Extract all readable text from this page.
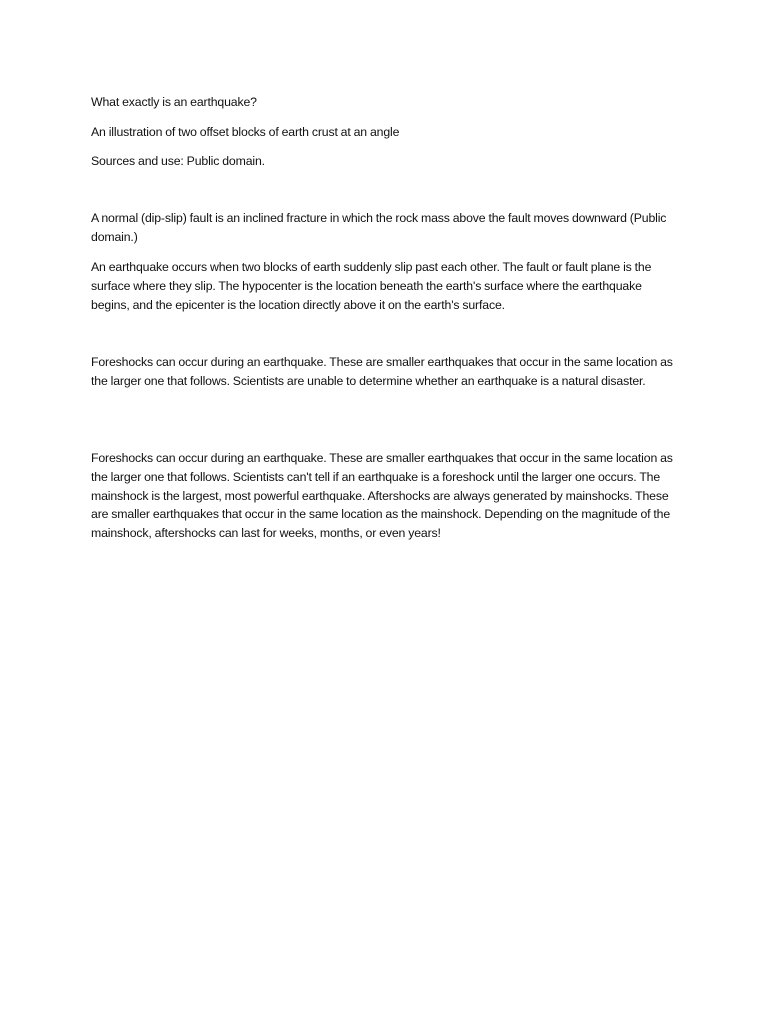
What exactly is an earthquake?

An illustration of two offset blocks of earth crust at an angle

Sources and use: Public domain.

A normal (dip-slip) fault is an inclined fracture in which the rock mass above the fault moves downward (Public domain.)

An earthquake occurs when two blocks of earth suddenly slip past each other. The fault or fault plane is the surface where they slip. The hypocenter is the location beneath the earth's surface where the earthquake begins, and the epicenter is the location directly above it on the earth's surface.

Foreshocks can occur during an earthquake. These are smaller earthquakes that occur in the same location as the larger one that follows. Scientists are unable to determine whether an earthquake is a natural disaster.

Foreshocks can occur during an earthquake. These are smaller earthquakes that occur in the same location as the larger one that follows. Scientists can't tell if an earthquake is a foreshock until the larger one occurs. The mainshock is the largest, most powerful earthquake. Aftershocks are always generated by mainshocks. These are smaller earthquakes that occur in the same location as the mainshock. Depending on the magnitude of the mainshock, aftershocks can last for weeks, months, or even years!
